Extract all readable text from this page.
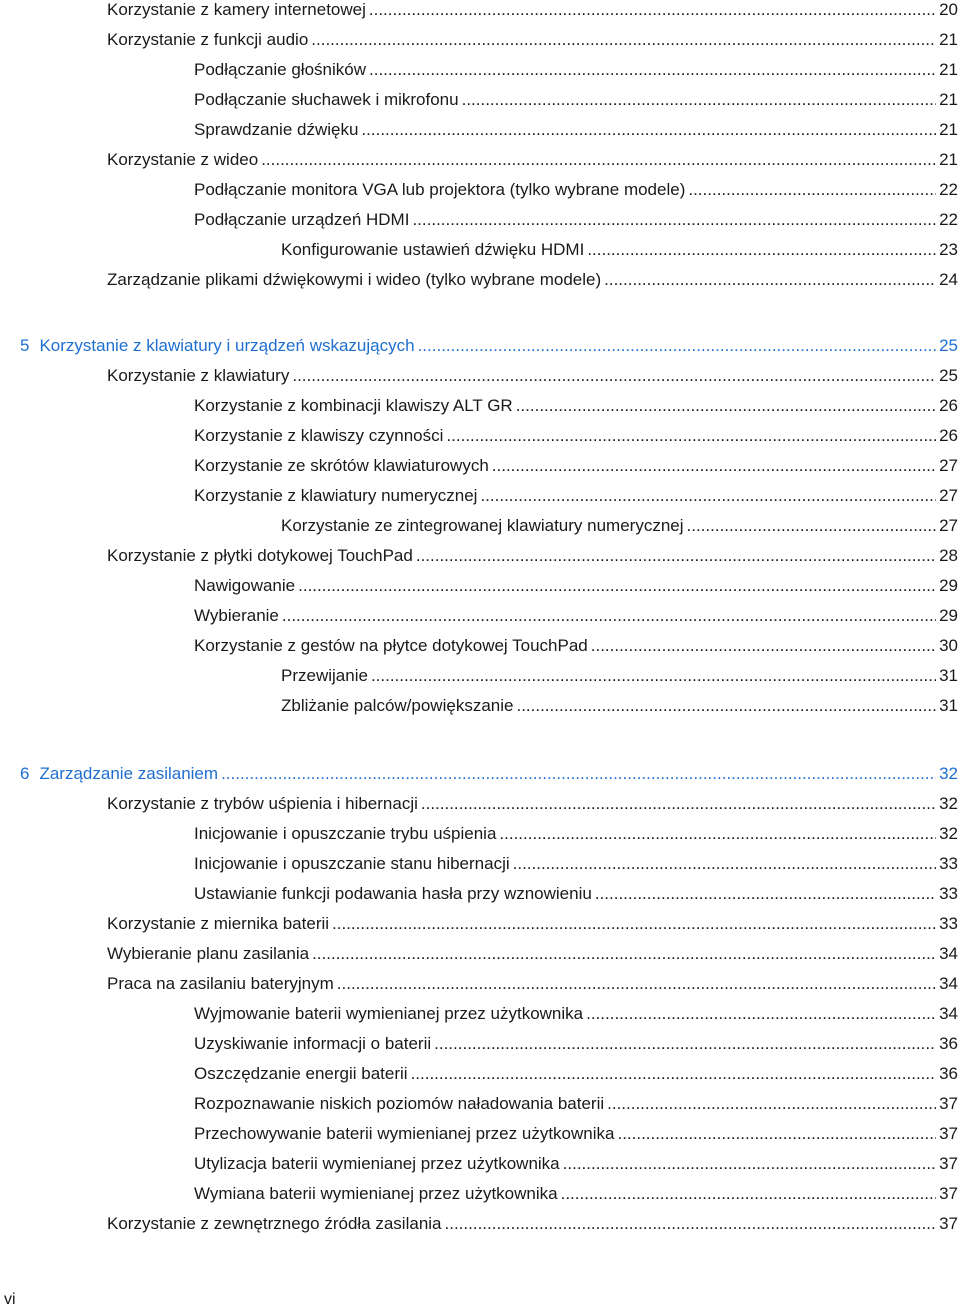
Korzystanie z kamery internetowej .....	20
Korzystanie z funkcji audio .....	21
Podłączanie głośników .....	21
Podłączanie słuchawek i mikrofonu .....	21
Sprawdzanie dźwięku .....	21
Korzystanie z wideo .....	21
Podłączanie monitora VGA lub projektora (tylko wybrane modele) .....	22
Podłączanie urządzeń HDMI .....	22
Konfigurowanie ustawień dźwięku HDMI .....	23
Zarządzanie plikami dźwiękowymi i wideo (tylko wybrane modele) .....	24
5 Korzystanie z klawiatury i urządzeń wskazujących .....	25
Korzystanie z klawiatury .....	25
Korzystanie z kombinacji klawiszy ALT GR .....	26
Korzystanie z klawiszy czynności .....	26
Korzystanie ze skrótów klawiaturowych .....	27
Korzystanie z klawiatury numerycznej .....	27
Korzystanie ze zintegrowanej klawiatury numerycznej .....	27
Korzystanie z płytki dotykowej TouchPad .....	28
Nawigowanie .....	29
Wybieranie .....	29
Korzystanie z gestów na płytce dotykowej TouchPad .....	30
Przewijanie .....	31
Zbliżanie palców/powiększanie .....	31
6 Zarządzanie zasilaniem .....	32
Korzystanie z trybów uśpienia i hibernacji .....	32
Inicjowanie i opuszczanie trybu uśpienia .....	32
Inicjowanie i opuszczanie stanu hibernacji .....	33
Ustawianie funkcji podawania hasła przy wznowieniu .....	33
Korzystanie z miernika baterii .....	33
Wybieranie planu zasilania .....	34
Praca na zasilaniu bateryjnym .....	34
Wyjmowanie baterii wymienianej przez użytkownika .....	34
Uzyskiwanie informacji o baterii .....	36
Oszczędzanie energii baterii .....	36
Rozpoznawanie niskich poziomów naładowania baterii .....	37
Przechowywanie baterii wymienianej przez użytkownika .....	37
Utylizacja baterii wymienianej przez użytkownika .....	37
Wymiana baterii wymienianej przez użytkownika .....	37
Korzystanie z zewnętrznego źródła zasilania .....	37
vi
